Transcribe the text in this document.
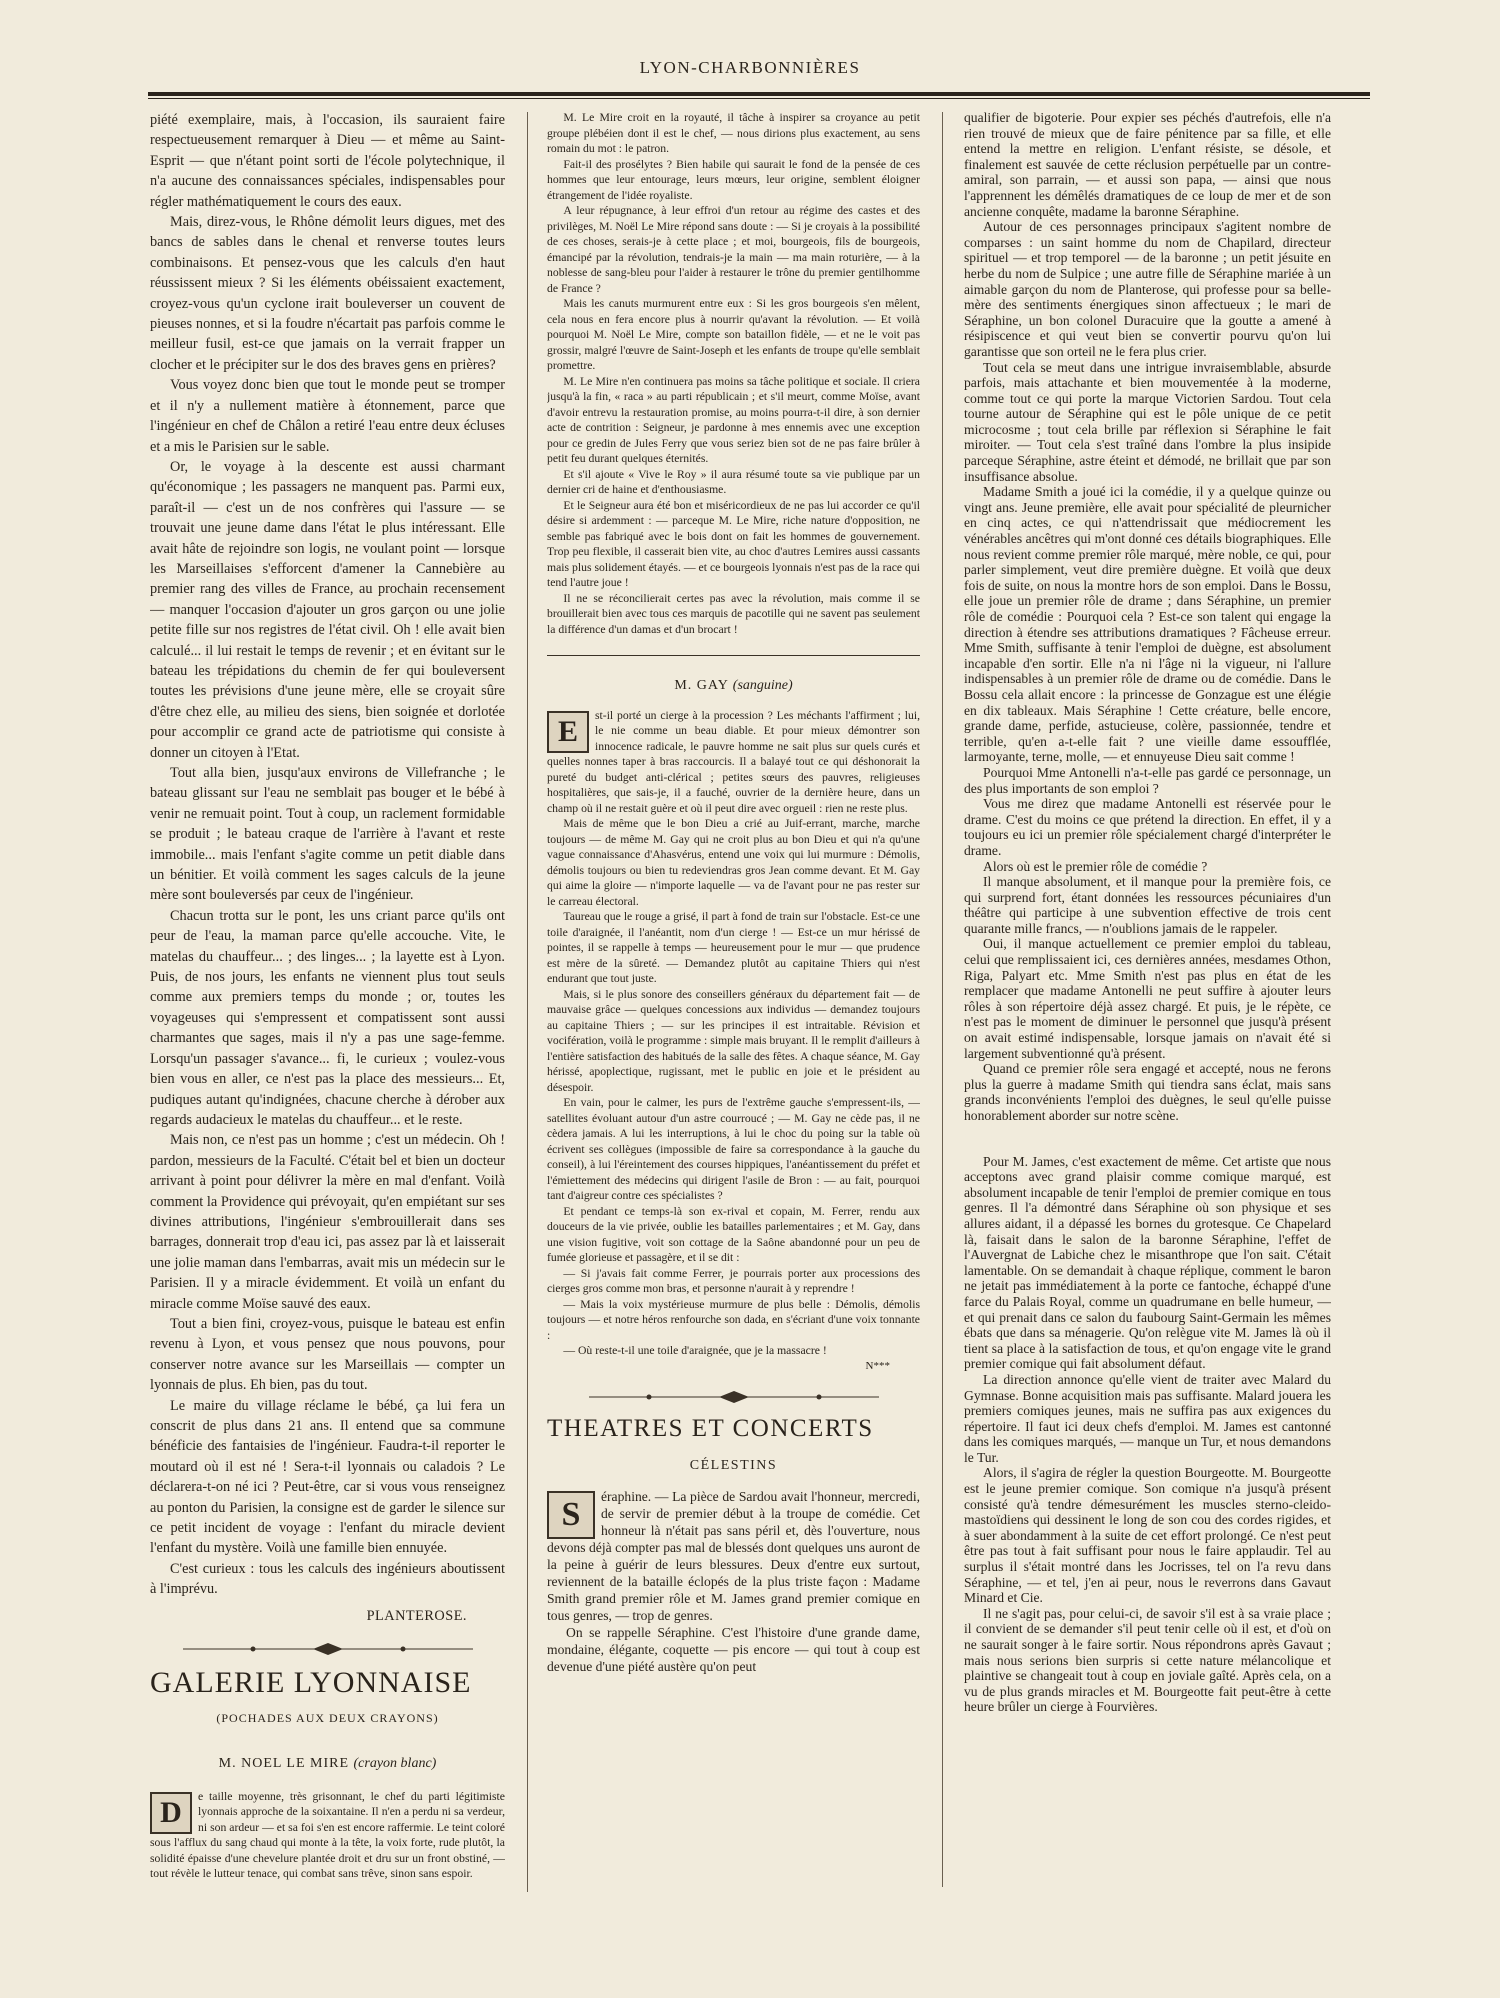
LYON-CHARBONNIÈRES

piété exemplaire, mais, à l'occasion, ils sauraient faire respectueusement remarquer à Dieu — et même au Saint-Esprit — que n'étant point sorti de l'école polytechnique, il n'a aucune des connaissances spéciales, indispensables pour régler mathématiquement le cours des eaux.

Mais, direz-vous, le Rhône démolit leurs digues, met des bancs de sables dans le chenal et renverse toutes leurs combinaisons. Et pensez-vous que les calculs d'en haut réussissent mieux ? Si les éléments obéissaient exactement, croyez-vous qu'un cyclone irait bouleverser un couvent de pieuses nonnes, et si la foudre n'écartait pas parfois comme le meilleur fusil, est-ce que jamais on la verrait frapper un clocher et le précipiter sur le dos des braves gens en prières?

Vous voyez donc bien que tout le monde peut se tromper et il n'y a nullement matière à étonnement, parce que l'ingénieur en chef de Châlon a retiré l'eau entre deux écluses et a mis le Parisien sur le sable.

Or, le voyage à la descente est aussi charmant qu'économique ; les passagers ne manquent pas. Parmi eux, paraît-il — c'est un de nos confrères qui l'assure — se trouvait une jeune dame dans l'état le plus intéressant. Elle avait hâte de rejoindre son logis, ne voulant point — lorsque les Marseillaises s'efforcent d'amener la Cannebière au premier rang des villes de France, au prochain recensement — manquer l'occasion d'ajouter un gros garçon ou une jolie petite fille sur nos registres de l'état civil. Oh ! elle avait bien calculé... il lui restait le temps de revenir ; et en évitant sur le bateau les trépidations du chemin de fer qui bouleversent toutes les prévisions d'une jeune mère, elle se croyait sûre d'être chez elle, au milieu des siens, bien soignée et dorlotée pour accomplir ce grand acte de patriotisme qui consiste à donner un citoyen à l'Etat.

Tout alla bien, jusqu'aux environs de Villefranche ; le bateau glissant sur l'eau ne semblait pas bouger et le bébé à venir ne remuait point. Tout à coup, un raclement formidable se produit ; le bateau craque de l'arrière à l'avant et reste immobile... mais l'enfant s'agite comme un petit diable dans un bénitier. Et voilà comment les sages calculs de la jeune mère sont bouleversés par ceux de l'ingénieur.

Chacun trotta sur le pont, les uns criant parce qu'ils ont peur de l'eau, la maman parce qu'elle accouche. Vite, le matelas du chauffeur... ; des linges... ; la layette est à Lyon. Puis, de nos jours, les enfants ne viennent plus tout seuls comme aux premiers temps du monde ; or, toutes les voyageuses qui s'empressent et compatissent sont aussi charmantes que sages, mais il n'y a pas une sage-femme. Lorsqu'un passager s'avance... fi, le curieux ; voulez-vous bien vous en aller, ce n'est pas la place des messieurs... Et, pudiques autant qu'indignées, chacune cherche à dérober aux regards audacieux le matelas du chauffeur... et le reste.

Mais non, ce n'est pas un homme ; c'est un médecin. Oh ! pardon, messieurs de la Faculté. C'était bel et bien un docteur arrivant à point pour délivrer la mère en mal d'enfant. Voilà comment la Providence qui prévoyait, qu'en empiétant sur ses divines attributions, l'ingénieur s'embrouillerait dans ses barrages, donnerait trop d'eau ici, pas assez par là et laisserait une jolie maman dans l'embarras, avait mis un médecin sur le Parisien. Il y a miracle évidemment. Et voilà un enfant du miracle comme Moïse sauvé des eaux.

Tout a bien fini, croyez-vous, puisque le bateau est enfin revenu à Lyon, et vous pensez que nous pouvons, pour conserver notre avance sur les Marseillais — compter un lyonnais de plus. Eh bien, pas du tout.

Le maire du village réclame le bébé, ça lui fera un conscrit de plus dans 21 ans. Il entend que sa commune bénéficie des fantaisies de l'ingénieur. Faudra-t-il reporter le moutard où il est né ! Sera-t-il lyonnais ou caladois ? Le déclarera-t-on né ici ? Peut-être, car si vous vous renseignez au ponton du Parisien, la consigne est de garder le silence sur ce petit incident de voyage : l'enfant du miracle devient l'enfant du mystère. Voilà une famille bien ennuyée.

C'est curieux : tous les calculs des ingénieurs aboutissent à l'imprévu.

PLANTEROSE.

GALERIE LYONNAISE
(POCHADES AUX DEUX CRAYONS)
M. NOEL LE MIRE (crayon blanc)

D	e taille moyenne, très grisonnant, le chef du parti légitimiste lyonnais approche de la soixantaine. Il n'en a perdu ni sa verdeur, ni son ardeur — et sa foi s'en est encore raffermie. Le teint coloré sous l'afflux du sang chaud qui monte à la tête, la voix forte, rude plutôt, la solidité épaisse d'une chevelure plantée droit et dru sur un front obstiné, — tout révèle le lutteur tenace, qui combat sans trêve, sinon sans espoir.

M. Le Mire croit en la royauté, il tâche à inspirer sa croyance au petit groupe plébéien dont il est le chef, — nous dirions plus exactement, au sens romain du mot : le patron.

Fait-il des prosélytes ? Bien habile qui saurait le fond de la pensée de ces hommes que leur entourage, leurs mœurs, leur origine, semblent éloigner étrangement de l'idée royaliste.

A leur répugnance, à leur effroi d'un retour au régime des castes et des privilèges, M. Noël Le Mire répond sans doute : — Si je croyais à la possibilité de ces choses, serais-je à cette place ; et moi, bourgeois, fils de bourgeois, émancipé par la révolution, tendrais-je la main — ma main roturière, — à la noblesse de sang-bleu pour l'aider à restaurer le trône du premier gentilhomme de France ?

Mais les canuts murmurent entre eux : Si les gros bourgeois s'en mêlent, cela nous en fera encore plus à nourrir qu'avant la révolution. — Et voilà pourquoi M. Noël Le Mire, compte son bataillon fidèle, — et ne le voit pas grossir, malgré l'œuvre de Saint-Joseph et les enfants de troupe qu'elle semblait promettre.

M. Le Mire n'en continuera pas moins sa tâche politique et sociale. Il criera jusqu'à la fin, « raca » au parti républicain ; et s'il meurt, comme Moïse, avant d'avoir entrevu la restauration promise, au moins pourra-t-il dire, à son dernier acte de contrition : Seigneur, je pardonne à mes ennemis avec une exception pour ce gredin de Jules Ferry que vous seriez bien sot de ne pas faire brûler à petit feu durant quelques éternités.

Et s'il ajoute « Vive le Roy » il aura résumé toute sa vie publique par un dernier cri de haine et d'enthousiasme.

Et le Seigneur aura été bon et miséricordieux de ne pas lui accorder ce qu'il désire si ardemment : — parceque M. Le Mire, riche nature d'opposition, ne semble pas fabriqué avec le bois dont on fait les hommes de gouvernement. Trop peu flexible, il casserait bien vite, au choc d'autres Lemires aussi cassants mais plus solidement étayés. — et ce bourgeois lyonnais n'est pas de la race qui tend l'autre joue !

Il ne se réconcilierait certes pas avec la révolution, mais comme il se brouillerait bien avec tous ces marquis de pacotille qui ne savent pas seulement la différence d'un damas et d'un brocart !

M. GAY (sanguine)

E	st-il porté un cierge à la procession ? Les méchants l'affirment ; lui, le nie comme un beau diable. Et pour mieux démontrer son innocence radicale, le pauvre homme ne sait plus sur quels curés et quelles nonnes taper à bras raccourcis. Il a balayé tout ce qui déshonorait la pureté du budget anti-clérical ; petites sœurs des pauvres, religieuses hospitalières, que sais-je, il a fauché, ouvrier de la dernière heure, dans un champ où il ne restait guère et où il peut dire avec orgueil : rien ne reste plus.

Mais de même que le bon Dieu a crié au Juif-errant, marche, marche toujours — de même M. Gay qui ne croit plus au bon Dieu et qui n'a qu'une vague connaissance d'Ahasvérus, entend une voix qui lui murmure : Démolis, démolis toujours ou bien tu redeviendras gros Jean comme devant. Et M. Gay qui aime la gloire — n'importe laquelle — va de l'avant pour ne pas rester sur le carreau électoral.

Taureau que le rouge a grisé, il part à fond de train sur l'obstacle. Est-ce une toile d'araignée, il l'anéantit, nom d'un cierge ! — Est-ce un mur hérissé de pointes, il se rappelle à temps — heureusement pour le mur — que prudence est mère de la sûreté. — Demandez plutôt au capitaine Thiers qui n'est endurant que tout juste.

Mais, si le plus sonore des conseillers généraux du département fait — de mauvaise grâce — quelques concessions aux individus — demandez toujours au capitaine Thiers ; — sur les principes il est intraitable. Révision et vocifération, voilà le programme : simple mais bruyant. Il le remplit d'ailleurs à l'entière satisfaction des habitués de la salle des fêtes. A chaque séance, M. Gay hérissé, apoplectique, rugissant, met le public en joie et le président au désespoir.

En vain, pour le calmer, les purs de l'extrême gauche s'empressent-ils, — satellites évoluant autour d'un astre courroucé ; — M. Gay ne cède pas, il ne cèdera jamais. A lui les interruptions, à lui le choc du poing sur la table où écrivent ses collègues (impossible de faire sa correspondance à la gauche du conseil), à lui l'éreintement des courses hippiques, l'anéantissement du préfet et l'émiettement des médecins qui dirigent l'asile de Bron : — au fait, pourquoi tant d'aigreur contre ces spécialistes ?

Et pendant ce temps-là son ex-rival et copain, M. Ferrer, rendu aux douceurs de la vie privée, oublie les batailles parlementaires ; et M. Gay, dans une vision fugitive, voit son cottage de la Saône abandonné pour un peu de fumée glorieuse et passagère, et il se dit :

— Si j'avais fait comme Ferrer, je pourrais porter aux processions des cierges gros comme mon bras, et personne n'aurait à y reprendre !

— Mais la voix mystérieuse murmure de plus belle : Démolis, démolis toujours — et notre héros renfourche son dada, en s'écriant d'une voix tonnante :

— Où reste-t-il une toile d'araignée, que je la massacre !

N***

THEATRES ET CONCERTS
CÉLESTINS

S	éraphine. — La pièce de Sardou avait l'honneur, mercredi, de servir de premier début à la troupe de comédie. Cet honneur là n'était pas sans péril et, dès l'ouverture, nous devons déjà compter pas mal de blessés dont quelques uns auront de la peine à guérir de leurs blessures. Deux d'entre eux surtout, reviennent de la bataille éclopés de la plus triste façon : Madame Smith grand premier rôle et M. James grand premier comique en tous genres, — trop de genres.

On se rappelle Séraphine. C'est l'histoire d'une grande dame, mondaine, élégante, coquette — pis encore — qui tout à coup est devenue d'une piété austère qu'on peut

qualifier de bigoterie. Pour expier ses péchés d'autrefois, elle n'a rien trouvé de mieux que de faire pénitence par sa fille, et elle entend la mettre en religion. L'enfant résiste, se désole, et finalement est sauvée de cette réclusion perpétuelle par un contre-amiral, son parrain, — et aussi son papa, — ainsi que nous l'apprennent les démêlés dramatiques de ce loup de mer et de son ancienne conquête, madame la baronne Séraphine.

Autour de ces personnages principaux s'agitent nombre de comparses : un saint homme du nom de Chapilard, directeur spirituel — et trop temporel — de la baronne ; un petit jésuite en herbe du nom de Sulpice ; une autre fille de Séraphine mariée à un aimable garçon du nom de Planterose, qui professe pour sa belle-mère des sentiments énergiques sinon affectueux ; le mari de Séraphine, un bon colonel Duracuire que la goutte a amené à résipiscence et qui veut bien se convertir pourvu qu'on lui garantisse que son orteil ne le fera plus crier.

Tout cela se meut dans une intrigue invraisemblable, absurde parfois, mais attachante et bien mouvementée à la moderne, comme tout ce qui porte la marque Victorien Sardou. Tout cela tourne autour de Séraphine qui est le pôle unique de ce petit microcosme ; tout cela brille par réflexion si Séraphine le fait miroiter. — Tout cela s'est traîné dans l'ombre la plus insipide parceque Séraphine, astre éteint et démodé, ne brillait que par son insuffisance absolue.

Madame Smith a joué ici la comédie, il y a quelque quinze ou vingt ans. Jeune première, elle avait pour spécialité de pleurnicher en cinq actes, ce qui n'attendrissait que médiocrement les vénérables ancêtres qui m'ont donné ces détails biographiques. Elle nous revient comme premier rôle marqué, mère noble, ce qui, pour parler simplement, veut dire première duègne. Et voilà que deux fois de suite, on nous la montre hors de son emploi. Dans le Bossu, elle joue un premier rôle de drame ; dans Séraphine, un premier rôle de comédie : Pourquoi cela ? Est-ce son talent qui engage la direction à étendre ses attributions dramatiques ? Fâcheuse erreur. Mme Smith, suffisante à tenir l'emploi de duègne, est absolument incapable d'en sortir. Elle n'a ni l'âge ni la vigueur, ni l'allure indispensables à un premier rôle de drame ou de comédie. Dans le Bossu cela allait encore : la princesse de Gonzague est une élégie en dix tableaux. Mais Séraphine ! Cette créature, belle encore, grande dame, perfide, astucieuse, colère, passionnée, tendre et terrible, qu'en a-t-elle fait ? une vieille dame essoufflée, larmoyante, terne, molle, — et ennuyeuse Dieu sait comme !

Pourquoi Mme Antonelli n'a-t-elle pas gardé ce personnage, un des plus importants de son emploi ?

Vous me direz que madame Antonelli est réservée pour le drame. C'est du moins ce que prétend la direction. En effet, il y a toujours eu ici un premier rôle spécialement chargé d'interpréter le drame.

Alors où est le premier rôle de comédie ?

Il manque absolument, et il manque pour la première fois, ce qui surprend fort, étant données les ressources pécuniaires d'un théâtre qui participe à une subvention effective de trois cent quarante mille francs, — n'oublions jamais de le rappeler.

Oui, il manque actuellement ce premier emploi du tableau, celui que remplissaient ici, ces dernières années, mesdames Othon, Riga, Palyart etc. Mme Smith n'est pas plus en état de les remplacer que madame Antonelli ne peut suffire à ajouter leurs rôles à son répertoire déjà assez chargé. Et puis, je le répète, ce n'est pas le moment de diminuer le personnel que jusqu'à présent on avait estimé indispensable, lorsque jamais on n'avait été si largement subventionné qu'à présent.

Quand ce premier rôle sera engagé et accepté, nous ne ferons plus la guerre à madame Smith qui tiendra sans éclat, mais sans grands inconvénients l'emploi des duègnes, le seul qu'elle puisse honorablement aborder sur notre scène.

Pour M. James, c'est exactement de même. Cet artiste que nous acceptons avec grand plaisir comme comique marqué, est absolument incapable de tenir l'emploi de premier comique en tous genres. Il l'a démontré dans Séraphine où son physique et ses allures aidant, il a dépassé les bornes du grotesque. Ce Chapelard là, faisait dans le salon de la baronne Séraphine, l'effet de l'Auvergnat de Labiche chez le misanthrope que l'on sait. C'était lamentable. On se demandait à chaque réplique, comment le baron ne jetait pas immédiatement à la porte ce fantoche, échappé d'une farce du Palais Royal, comme un quadrumane en belle humeur, — et qui prenait dans ce salon du faubourg Saint-Germain les mêmes ébats que dans sa ménagerie. Qu'on relègue vite M. James là où il tient sa place à la satisfaction de tous, et qu'on engage vite le grand premier comique qui fait absolument défaut.

La direction annonce qu'elle vient de traiter avec Malard du Gymnase. Bonne acquisition mais pas suffisante. Malard jouera les premiers comiques jeunes, mais ne suffira pas aux exigences du répertoire. Il faut ici deux chefs d'emploi. M. James est cantonné dans les comiques marqués, — manque un Tur, et nous demandons le Tur.

Alors, il s'agira de régler la question Bourgeotte. M. Bourgeotte est le jeune premier comique. Son comique n'a jusqu'à présent consisté qu'à tendre démesurément les muscles sterno-cleido-mastoïdiens qui dessinent le long de son cou des cordes rigides, et à suer abondamment à la suite de cet effort prolongé. Ce n'est peut être pas tout à fait suffisant pour nous le faire applaudir. Tel au surplus il s'était montré dans les Jocrisses, tel on l'a revu dans Séraphine, — et tel, j'en ai peur, nous le reverrons dans Gavaut Minard et Cie.

Il ne s'agit pas, pour celui-ci, de savoir s'il est à sa vraie place ; il convient de se demander s'il peut tenir celle où il est, et d'où on ne saurait songer à le faire sortir. Nous répondrons après Gavaut ; mais nous serions bien surpris si cette nature mélancolique et plaintive se changeait tout à coup en joviale gaîté. Après cela, on a vu de plus grands miracles et M. Bourgeotte fait peut-être à cette heure brûler un cierge à Fourvières.
